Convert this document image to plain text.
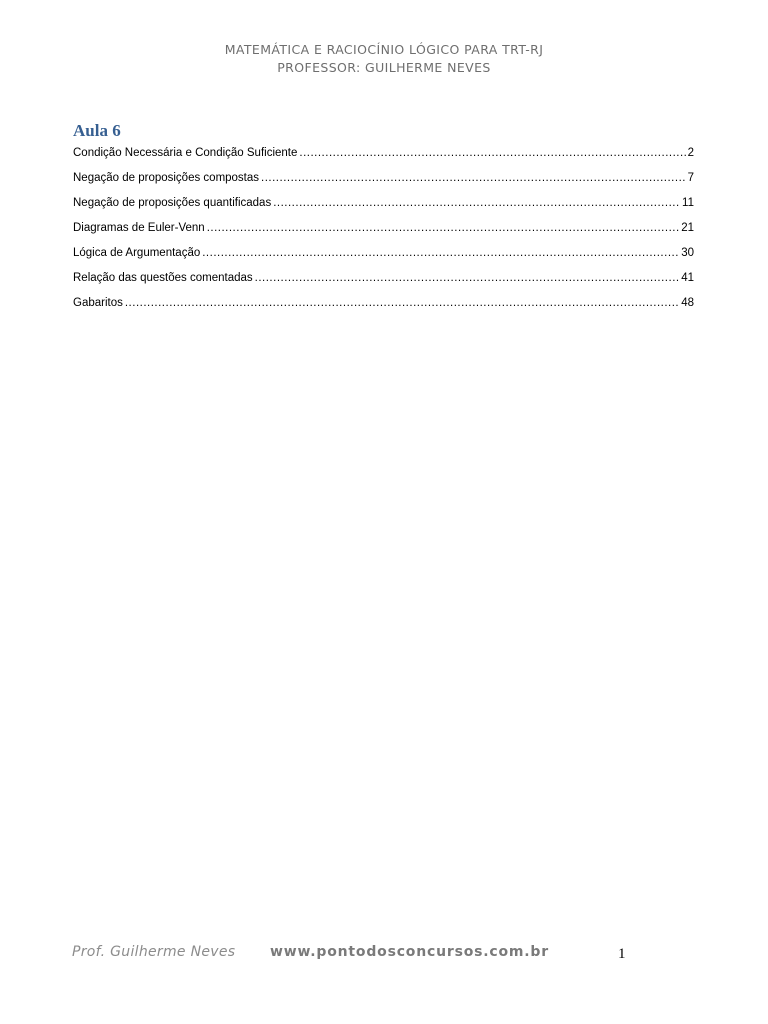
MATEMÁTICA E RACIOCÍNIO LÓGICO PARA TRT-RJ
PROFESSOR: GUILHERME NEVES
Aula 6
Condição Necessária e Condição Suficiente .....	2
Negação de proposições compostas .....	7
Negação de proposições quantificadas .....	11
Diagramas de Euler-Venn .....	21
Lógica de Argumentação .....	30
Relação das questões comentadas .....	41
Gabaritos .....	48
Prof. Guilherme Neves www.pontodosconcursos.com.br	1
